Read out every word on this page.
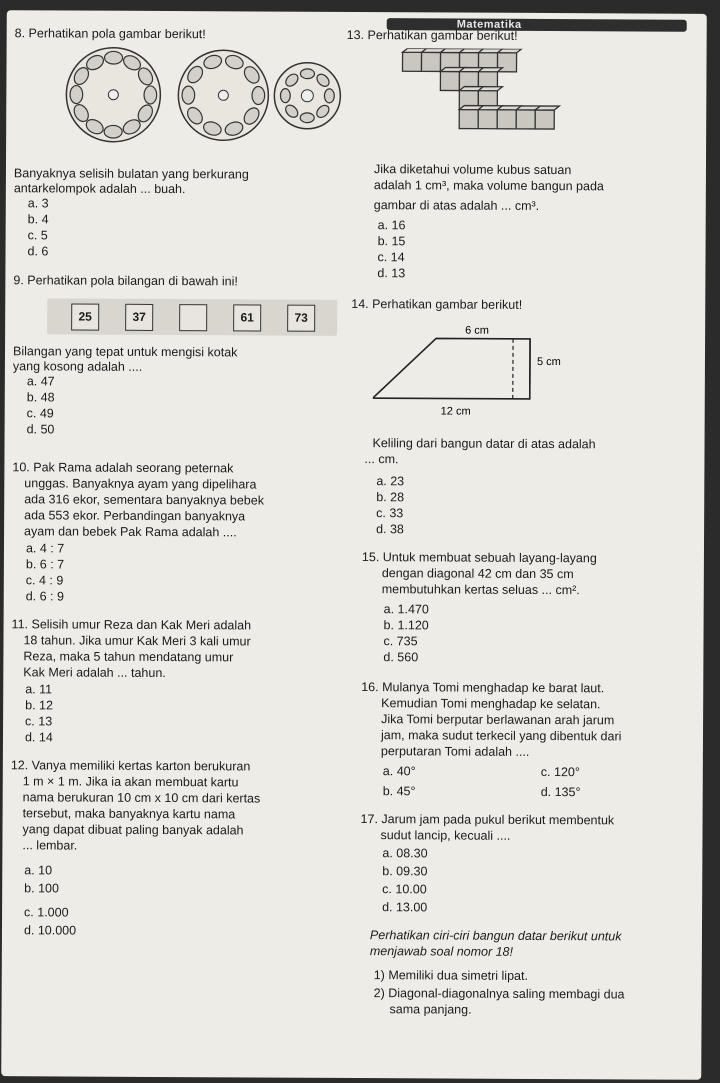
Matematika

8. Perhatikan pola gambar berikut!

Banyaknya selisih bulatan yang berkurang

antarkelompok adalah ... buah.

a. 3

b. 4

c. 5

d. 6

9. Perhatikan pola bilangan di bawah ini!

25	37	61	73

Bilangan yang tepat untuk mengisi kotak

yang kosong adalah ....

a. 47

b. 48

c. 49

d. 50

10. Pak Rama adalah seorang peternak

unggas. Banyaknya ayam yang dipelihara

ada 316 ekor, sementara banyaknya bebek

ada 553 ekor. Perbandingan banyaknya

ayam dan bebek Pak Rama adalah ....

a. 4 : 7

b. 6 : 7

c. 4 : 9

d. 6 : 9

11. Selisih umur Reza dan Kak Meri adalah

18 tahun. Jika umur Kak Meri 3 kali umur

Reza, maka 5 tahun mendatang umur

Kak Meri adalah ... tahun.

a. 11

b. 12

c. 13

d. 14

12. Vanya memiliki kertas karton berukuran

1 m × 1 m. Jika ia akan membuat kartu

nama berukuran 10 cm x 10 cm dari kertas

tersebut, maka banyaknya kartu nama

yang dapat dibuat paling banyak adalah

... lembar.

a. 10

b. 100

c. 1.000

d. 10.000

13. Perhatikan gambar berikut!

Jika diketahui volume kubus satuan

adalah 1 cm³, maka volume bangun pada

gambar di atas adalah ... cm³.

a. 16

b. 15

c. 14

d. 13

14. Perhatikan gambar berikut!

6 cm
5 cm
12 cm

Keliling dari bangun datar di atas adalah

... cm.

a. 23

b. 28

c. 33

d. 38

15. Untuk membuat sebuah layang-layang

dengan diagonal 42 cm dan 35 cm

membutuhkan kertas seluas ... cm².

a. 1.470

b. 1.120

c. 735

d. 560

16. Mulanya Tomi menghadap ke barat laut.

Kemudian Tomi menghadap ke selatan.

Jika Tomi berputar berlawanan arah jarum

jam, maka sudut terkecil yang dibentuk dari

perputaran Tomi adalah ....

a. 40°	c. 120°

b. 45°	d. 135°

17. Jarum jam pada pukul berikut membentuk

sudut lancip, kecuali ....

a. 08.30

b. 09.30

c. 10.00

d. 13.00

Perhatikan ciri-ciri bangun datar berikut untuk

menjawab soal nomor 18!

1) Memiliki dua simetri lipat.

2) Diagonal-diagonalnya saling membagi dua

sama panjang.
